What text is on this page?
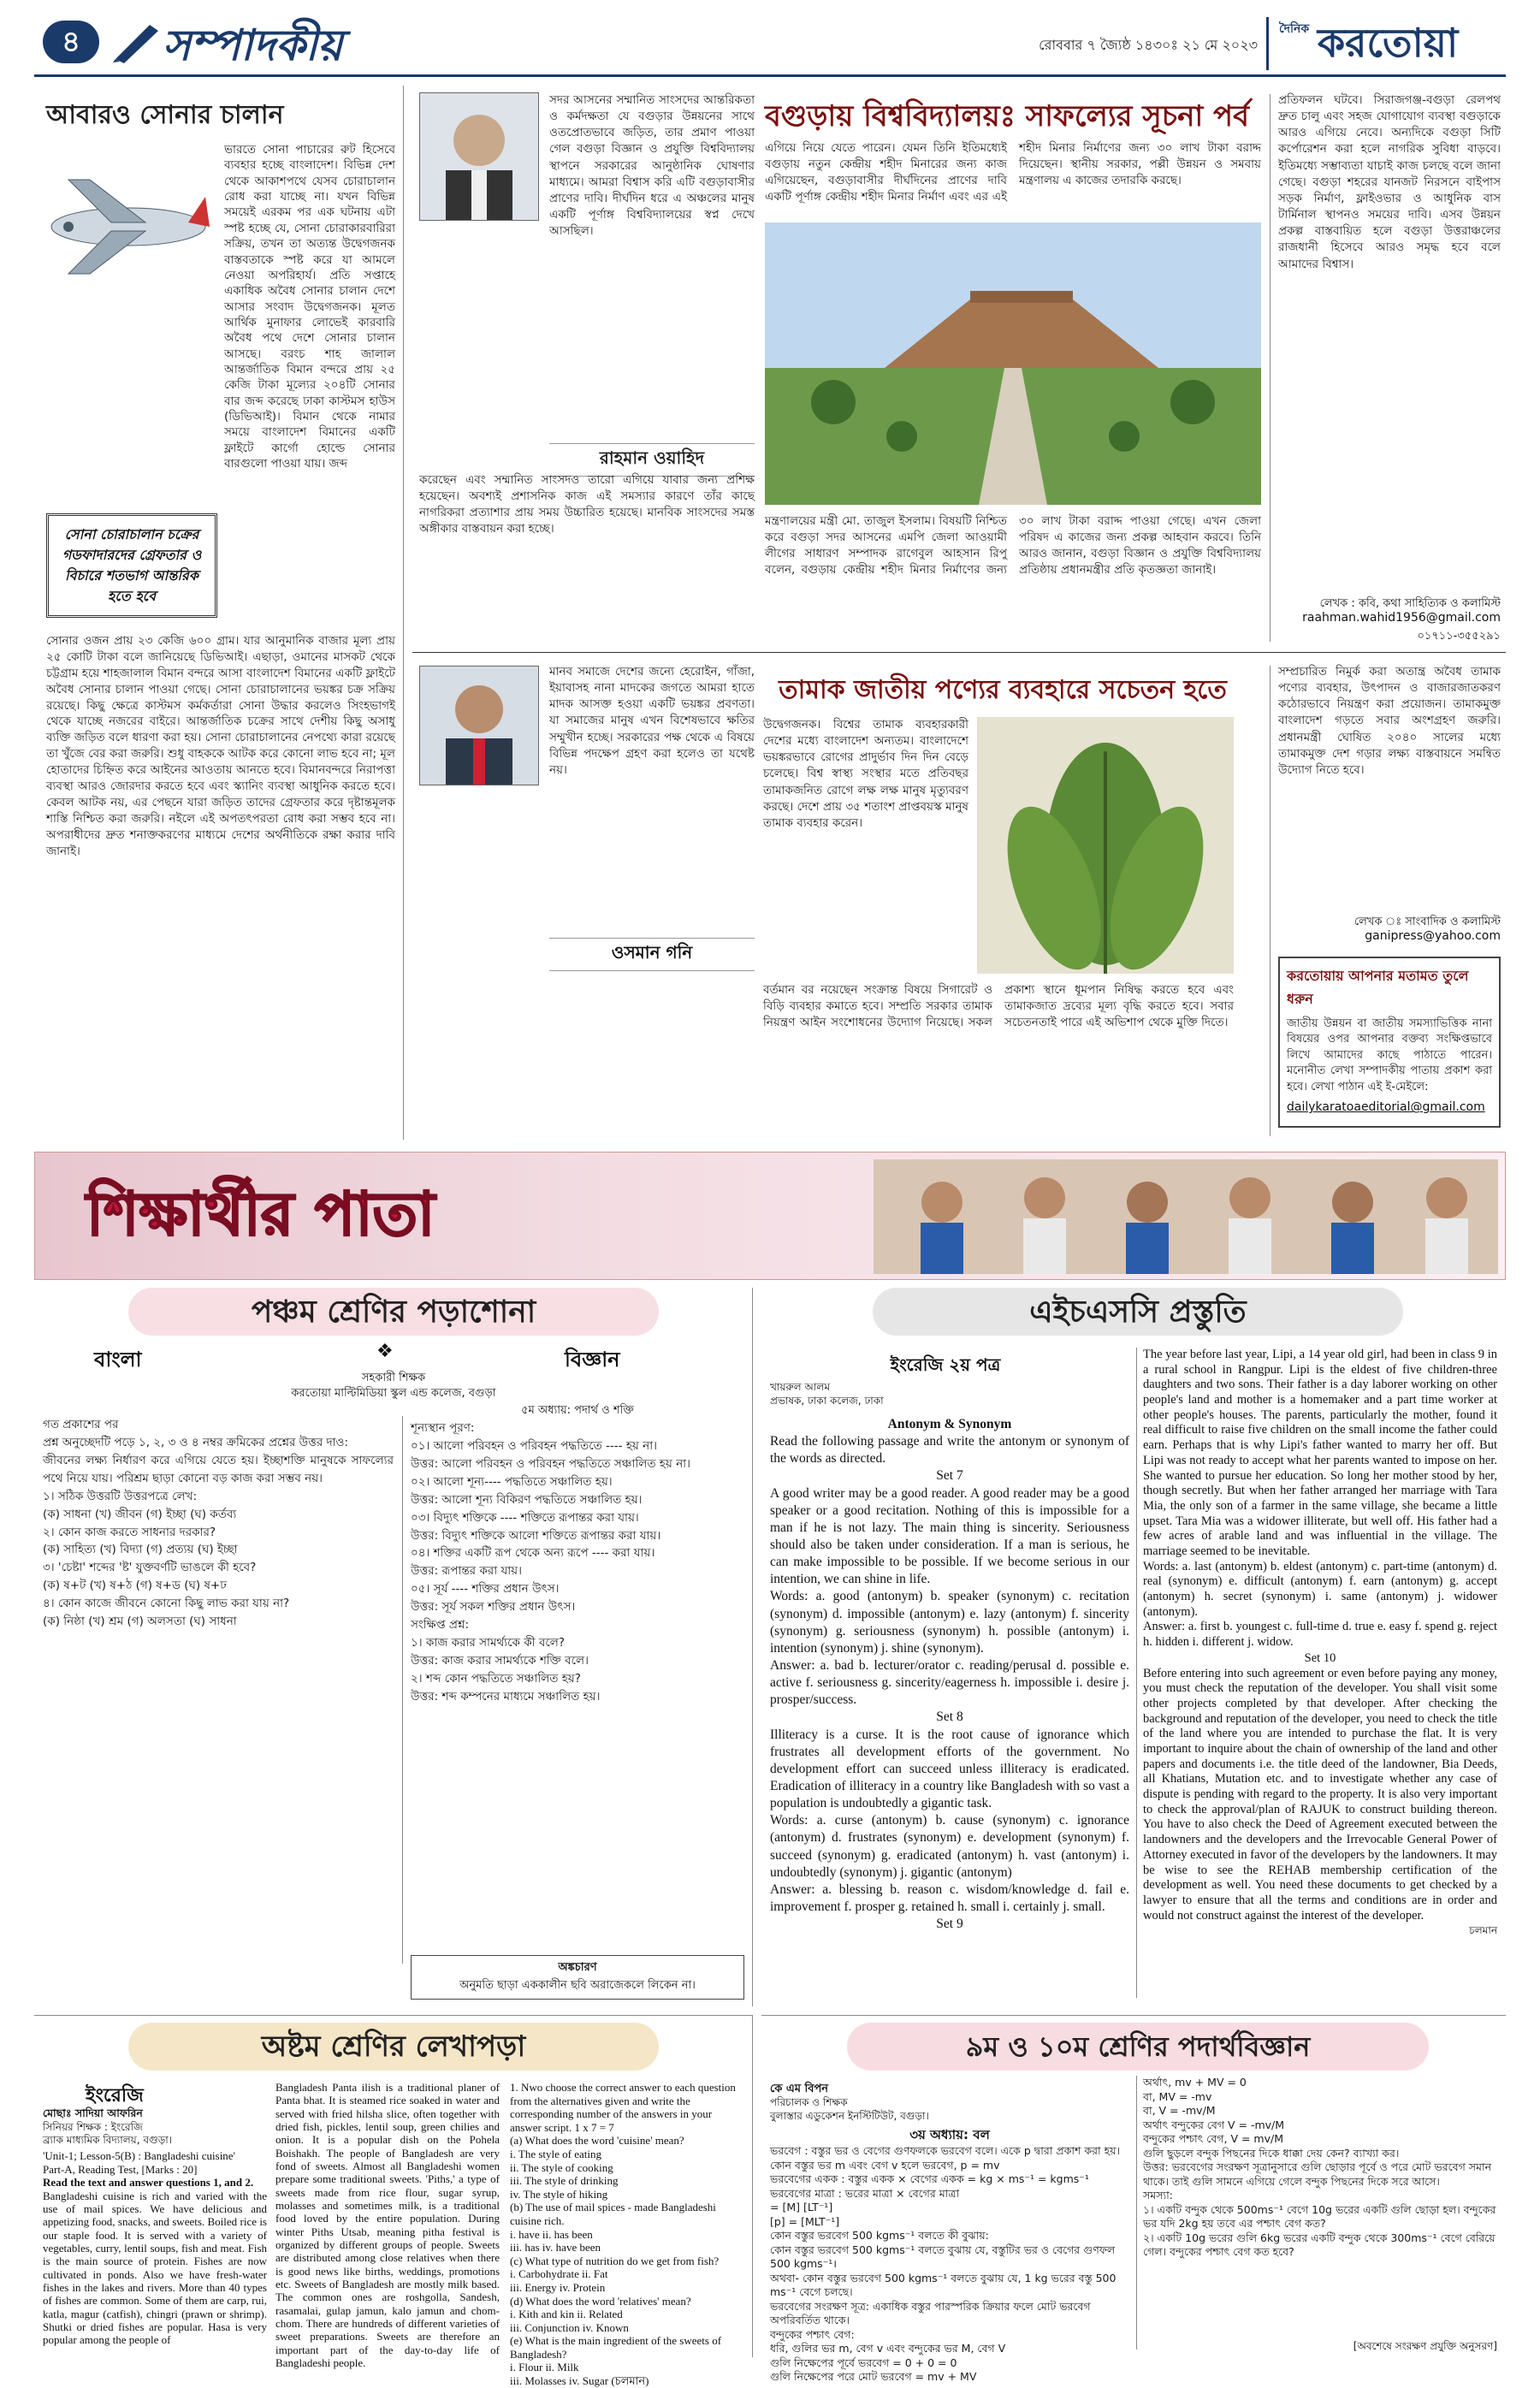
৪	সম্পাদকীয়	রোববার ৭ জ্যৈষ্ঠ ১৪৩০ঃ ২১ মে ২০২৩
দৈনিক করতোয়া
আবারও সোনার চালান
ভারতে সোনা পাচারের রুট হিসেবে ব্যবহার হচ্ছে বাংলাদেশ। বিভিন্ন দেশ থেকে আকাশপথে যেসব চোরাচালান রোধ করা যাচ্ছে না। যখন বিভিন্ন সময়েই এরকম পর এক ঘটনায় এটা স্পষ্ট হচ্ছে যে, সোনা চোরাকারবারিরা সক্রিয়, তখন তা অত্যন্ত উদ্বেগজনক বাস্তবতাকে স্পষ্ট করে যা আমলে নেওয়া অপরিহার্য। প্রতি সপ্তাহে একাধিক অবৈধ সোনার চালান দেশে আসার সংবাদ উদ্বেগজনক। মূলত আর্থিক মুনাফার লোভেই কারবারি অবৈধ পথে দেশে সোনার চালান আসছে। বরংচ শাহ জালাল আন্তর্জাতিক বিমান বন্দরে প্রায় ২৫ কেজি টাকা মূল্যের ২০৪টি সোনার বার জব্দ করেছে ঢাকা কাস্টমস হাউস (ডিভিআই)। বিমান থেকে নামার সময়ে বাংলাদেশ বিমানের একটি ফ্লাইটে কার্গো হোল্ডে সোনার বারগুলো পাওয়া যায়। জব্দ
সোনা চোরাচালান চক্রের গডফাদারদের গ্রেফতার ও বিচারে শতভাগ আন্তরিক হতে হবে
সোনার ওজন প্রায় ২৩ কেজি ৬০০ গ্রাম। যার আনুমানিক বাজার মূল্য প্রায় ২৫ কোটি টাকা বলে জানিয়েছে ডিভিআই। এছাড়া, ওমানের মাসকট থেকে চট্টগ্রাম হয়ে শাহজালাল বিমান বন্দরে আসা বাংলাদেশ বিমানের একটি ফ্লাইটে অবৈধ সোনার চালান পাওয়া গেছে। সোনা চোরাচালানের ভয়ঙ্কর চক্র সক্রিয় রয়েছে। কিছু ক্ষেত্রে কাস্টমস কর্মকর্তারা সোনা উদ্ধার করলেও সিংহভাগই থেকে যাচ্ছে নজরের বাইরে। আন্তর্জাতিক চক্রের সাথে দেশীয় কিছু অসাধু ব্যক্তি জড়িত বলে ধারণা করা হয়। সোনা চোরাচালানের নেপথ্যে কারা রয়েছে তা খুঁজে বের করা জরুরি। শুধু বাহককে আটক করে কোনো লাভ হবে না; মূল হোতাদের চিহ্নিত করে আইনের আওতায় আনতে হবে। বিমানবন্দরে নিরাপত্তা ব্যবস্থা আরও জোরদার করতে হবে এবং স্ক্যানিং ব্যবস্থা আধুনিক করতে হবে। কেবল আটক নয়, এর পেছনে যারা জড়িত তাদের গ্রেফতার করে দৃষ্টান্তমূলক শাস্তি নিশ্চিত করা জরুরি। নইলে এই অপতৎপরতা রোধ করা সম্ভব হবে না। অপরাধীদের দ্রুত শনাক্তকরণের মাধ্যমে দেশের অর্থনীতিকে রক্ষা করার দাবি জানাই।
সদর আসনের সম্মানিত সাংসদের আন্তরিকতা ও কর্মদক্ষতা যে বগুড়ার উন্নয়নের সাথে ওতপ্রোতভাবে জড়িত, তার প্রমাণ পাওয়া গেল বগুড়া বিজ্ঞান ও প্রযুক্তি বিশ্ববিদ্যালয় স্থাপনে সরকারের আনুষ্ঠানিক ঘোষণার মাধ্যমে। আমরা বিশ্বাস করি এটি বগুড়াবাসীর প্রাণের দাবি। দীর্ঘদিন ধরে এ অঞ্চলের মানুষ একটি পূর্ণাঙ্গ বিশ্ববিদ্যালয়ের স্বপ্ন দেখে আসছিল।
রাহমান ওয়াহিদ
করেছেন এবং সম্মানিত সাংসদও তারো এগিয়ে যাবার জন্য প্রশিক্ষ হয়েছেন। অবশ্যই প্রশাসনিক কাজ এই সমস্যার কারণে তাঁর কাছে নাগরিকরা প্রত্যাশার প্রায় সময় উচ্চারিত হয়েছে। মানবিক সাংসদের সমস্ত অঙ্গীকার বাস্তবায়ন করা হচ্ছে।
বগুড়ায় বিশ্ববিদ্যালয়ঃ সাফল্যের সূচনা পর্ব
এগিয়ে নিয়ে যেতে পারেন। যেমন তিনি ইতিমধ্যেই বগুড়ায় নতুন কেন্দ্রীয় শহীদ মিনারের জন্য কাজ এগিয়েছেন, বগুড়াবাসীর দীর্ঘদিনের প্রাণের দাবি একটি পূর্ণাঙ্গ কেন্দ্রীয় শহীদ মিনার নির্মাণ এবং এর এই শহীদ মিনার নির্মাণের জন্য ৩০ লাখ টাকা বরাদ্দ দিয়েছেন। স্থানীয় সরকার, পল্লী উন্নয়ন ও সমবায় মন্ত্রণালয় এ কাজের তদারকি করছে।
মন্ত্রণালয়ের মন্ত্রী মো. তাজুল ইসলাম। বিষয়টি নিশ্চিত করে বগুড়া সদর আসনের এমপি জেলা আওয়ামী লীগের সাধারণ সম্পাদক রাগেবুল আহসান রিপু বলেন, বগুড়ায় কেন্দ্রীয় শহীদ মিনার নির্মাণের জন্য ৩০ লাখ টাকা বরাদ্দ পাওয়া গেছে। এখন জেলা পরিষদ এ কাজের জন্য প্রকল্প আহবান করবে। তিনি আরও জানান, বগুড়া বিজ্ঞান ও প্রযুক্তি বিশ্ববিদ্যালয় প্রতিষ্ঠায় প্রধানমন্ত্রীর প্রতি কৃতজ্ঞতা জানাই।
প্রতিফলন ঘটবে। সিরাজগঞ্জ-বগুড়া রেলপথ দ্রুত চালু এবং সহজ যোগাযোগ ব্যবস্থা বগুড়াকে আরও এগিয়ে নেবে। অন্যদিকে বগুড়া সিটি কর্পোরেশন করা হলে নাগরিক সুবিধা বাড়বে। ইতিমধ্যে সম্ভাব্যতা যাচাই কাজ চলছে বলে জানা গেছে। বগুড়া শহরের যানজট নিরসনে বাইপাস সড়ক নির্মাণ, ফ্লাইওভার ও আধুনিক বাস টার্মিনাল স্থাপনও সময়ের দাবি। এসব উন্নয়ন প্রকল্প বাস্তবায়িত হলে বগুড়া উত্তরাঞ্চলের রাজধানী হিসেবে আরও সমৃদ্ধ হবে বলে আমাদের বিশ্বাস।
লেখক : কবি, কথা সাহিত্যিক ও কলামিস্ট
raahman.wahid1956@gmail.com
০১৭১১-৩৫৫২৯১
মানব সমাজে দেশের জন্যে হেরোইন, গাঁজা, ইয়াবাসহ নানা মাদকের জগতে আমরা হাতে মাদক আসক্ত হওয়া একটি ভয়ঙ্কর প্রবণতা। যা সমাজের মানুষ এখন বিশেষভাবে ক্ষতির সম্মুখীন হচ্ছে। সরকারের পক্ষ থেকে এ বিষয়ে বিভিন্ন পদক্ষেপ গ্রহণ করা হলেও তা যথেষ্ট নয়।
ওসমান গনি
তামাক জাতীয় পণ্যের ব্যবহারে সচেতন হতে
উদ্বেগজনক। বিশ্বের তামাক ব্যবহারকারী দেশের মধ্যে বাংলাদেশ অন্যতম। বাংলাদেশে ভয়ঙ্করভাবে রোগের প্রাদুর্ভাব দিন দিন বেড়ে চলেছে। বিশ্ব স্বাস্থ্য সংস্থার মতে প্রতিবছর তামাকজনিত রোগে লক্ষ লক্ষ মানুষ মৃত্যুবরণ করছে। দেশে প্রায় ৩৫ শতাংশ প্রাপ্তবয়স্ক মানুষ তামাক ব্যবহার করেন।
বর্তমান বর নয়েছেন সংক্রান্ত বিষয়ে সিগারেট ও বিড়ি ব্যবহার কমাতে হবে। সম্প্রতি সরকার তামাক নিয়ন্ত্রণ আইন সংশোধনের উদ্যোগ নিয়েছে। সকল প্রকাশ্য স্থানে ধূমপান নিষিদ্ধ করতে হবে এবং তামাকজাত দ্রব্যের মূল্য বৃদ্ধি করতে হবে। সবার সচেতনতাই পারে এই অভিশাপ থেকে মুক্তি দিতে।
সম্প্রচারিত নিমুর্ক করা অতান্ত্র অবৈধ তামাক পণ্যের ব্যবহার, উৎপাদন ও বাজারজাতকরণ কঠোরভাবে নিয়ন্ত্রণ করা প্রয়োজন। তামাকমুক্ত বাংলাদেশ গড়তে সবার অংশগ্রহণ জরুরি। প্রধানমন্ত্রী ঘোষিত ২০৪০ সালের মধ্যে তামাকমুক্ত দেশ গড়ার লক্ষ্য বাস্তবায়নে সমন্বিত উদ্যোগ নিতে হবে।
লেখক ঃ সাংবাদিক ও কলামিস্ট
ganipress@yahoo.com
করতোয়ায় আপনার মতামত তুলে ধরুন
জাতীয় উন্নয়ন বা জাতীয় সমস্যাভিত্তিক নানা বিষয়ের ওপর আপনার বক্তব্য সংক্ষিপ্তভাবে লিখে আমাদের কাছে পাঠাতে পারেন। মনোনীত লেখা সম্পাদকীয় পাতায় প্রকাশ করা হবে। লেখা পাঠান এই ই-মেইলে:
dailykaratoaeditorial@gmail.com
শিক্ষার্থীর পাতা
পঞ্চম শ্রেণির পড়াশোনা
বাংলা	❖	বিজ্ঞান
সহকারী শিক্ষক
করতোয়া মাল্টিমিডিয়া স্কুল এন্ড কলেজ, বগুড়া
৫ম অধ্যায়: পদার্থ ও শক্তি
গত প্রকাশের পর
প্রশ্ন অনুচ্ছেদটি পড়ে ১, ২, ৩ ও ৪ নম্বর ক্রমিকের প্রশ্নের উত্তর দাও:
জীবনের লক্ষ্য নির্ধারণ করে এগিয়ে যেতে হয়। ইচ্ছাশক্তি মানুষকে সাফল্যের পথে নিয়ে যায়। পরিশ্রম ছাড়া কোনো বড় কাজ করা সম্ভব নয়।
১। সঠিক উত্তরটি উত্তরপত্রে লেখ:
(ক) সাধনা (খ) জীবন (গ) ইচ্ছা (ঘ) কর্তব্য
২। কোন কাজ করতে সাধনার দরকার?
(ক) সাহিত্য (খ) বিদ্যা (গ) প্রত্যয় (ঘ) ইচ্ছা
৩। 'চেষ্টা' শব্দের 'ষ্ট' যুক্তবর্ণটি ভাঙলে কী হবে?
(ক) ষ+ট (খ) ষ+ঠ (গ) ষ+ড (ঘ) ষ+ঢ
৪। কোন কাজে জীবনে কোনো কিছু লাভ করা যায় না?
(ক) নিষ্ঠা (খ) শ্রম (গ) অলসতা (ঘ) সাধনা
শূন্যস্থান পূরণ:
০১। আলো পরিবহন ও পরিবহন পদ্ধতিতে ---- হয় না।
উত্তর: আলো পরিবহন ও পরিবহন পদ্ধতিতে সঞ্চালিত হয় না।
০২। আলো শূন্য---- পদ্ধতিতে সঞ্চালিত হয়।
উত্তর: আলো শূন্য বিকিরণ পদ্ধতিতে সঞ্চালিত হয়।
০৩। বিদ্যুৎ শক্তিকে ---- শক্তিতে রূপান্তর করা যায়।
উত্তর: বিদ্যুৎ শক্তিকে আলো শক্তিতে রূপান্তর করা যায়।
০৪। শক্তির একটি রূপ থেকে অন্য রূপে ---- করা যায়।
উত্তর: রূপান্তর করা যায়।
০৫। সূর্য ---- শক্তির প্রধান উৎস।
উত্তর: সূর্য সকল শক্তির প্রধান উৎস।
সংক্ষিপ্ত প্রশ্ন:
১। কাজ করার সামর্থ্যকে কী বলে?
উত্তর: কাজ করার সামর্থ্যকে শক্তি বলে।
২। শব্দ কোন পদ্ধতিতে সঞ্চালিত হয়?
উত্তর: শব্দ কম্পনের মাধ্যমে সঞ্চালিত হয়।
অঙ্কচারণ
অনুমতি ছাড়া এককালীন ছবি অরাজেকলে লিকেন না।
এইচএসসি প্রস্তুতি
ইংরেজি ২য় পত্র
খায়রুল আলম
প্রভাষক, ঢাকা কলেজ, ঢাকা
Antonym & Synonym
Read the following passage and write the antonym or synonym of the words as directed.
Set 7
A good writer may be a good reader. A good reader may be a good speaker or a good recitation. Nothing of this is impossible for a man if he is not lazy. The main thing is sincerity. Seriousness should also be taken under consideration. If a man is serious, he can make impossible to be possible. If we become serious in our intention, we can shine in life.
Words: a. good (antonym) b. speaker (synonym) c. recitation (synonym) d. impossible (antonym) e. lazy (antonym) f. sincerity (synonym) g. seriousness (synonym) h. possible (antonym) i. intention (synonym) j. shine (synonym).
Answer: a. bad b. lecturer/orator c. reading/perusal d. possible e. active f. seriousness g. sincerity/eagerness h. impossible i. desire j. prosper/success.
Set 8
Illiteracy is a curse. It is the root cause of ignorance which frustrates all development efforts of the government. No development effort can succeed unless illiteracy is eradicated. Eradication of illiteracy in a country like Bangladesh with so vast a population is undoubtedly a gigantic task.
Words: a. curse (antonym) b. cause (synonym) c. ignorance (antonym) d. frustrates (synonym) e. development (synonym) f. succeed (synonym) g. eradicated (antonym) h. vast (antonym) i. undoubtedly (synonym) j. gigantic (antonym)
Answer: a. blessing b. reason c. wisdom/knowledge d. fail e. improvement f. prosper g. retained h. small i. certainly j. small.
Set 9
The year before last year, Lipi, a 14 year old girl, had been in class 9 in a rural school in Rangpur. Lipi is the eldest of five children-three daughters and two sons. Their father is a day laborer working on other people's land and mother is a homemaker and a part time worker at other people's houses. The parents, particularly the mother, found it real difficult to raise five children on the small income the father could earn. Perhaps that is why Lipi's father wanted to marry her off. But Lipi was not ready to accept what her parents wanted to impose on her. She wanted to pursue her education. So long her mother stood by her, though secretly. But when her father arranged her marriage with Tara Mia, the only son of a farmer in the same village, she became a little upset. Tara Mia was a widower illiterate, but well off. His father had a few acres of arable land and was influential in the village. The marriage seemed to be inevitable.
Words: a. last (antonym) b. eldest (antonym) c. part-time (antonym) d. real (synonym) e. difficult (antonym) f. earn (antonym) g. accept (antonym) h. secret (synonym) i. same (antonym) j. widower (antonym).
Answer: a. first b. youngest c. full-time d. true e. easy f. spend g. reject h. hidden i. different j. widow.
Set 10
Before entering into such agreement or even before paying any money, you must check the reputation of the developer. You shall visit some other projects completed by that developer. After checking the background and reputation of the developer, you need to check the title of the land where you are intended to purchase the flat. It is very important to inquire about the chain of ownership of the land and other papers and documents i.e. the title deed of the landowner, Bia Deeds, all Khatians, Mutation etc. and to investigate whether any case of dispute is pending with regard to the property. It is also very important to check the approval/plan of RAJUK to construct building thereon. You have to also check the Deed of Agreement executed between the landowners and the developers and the Irrevocable General Power of Attorney executed in favor of the developers by the landowners. It may be wise to see the REHAB membership certification of the development as well. You need these documents to get checked by a lawyer to ensure that all the terms and conditions are in order and would not construct against the interest of the developer.
চলমান
অষ্টম শ্রেণির লেখাপড়া
ইংরেজি
মোছাঃ সাদিয়া আফরিন
সিনিয়র শিক্ষক : ইংরেজি
ব্র্যাক মাধ্যমিক বিদ্যালয়, বগুড়া।
'Unit-1; Lesson-5(B) : Bangladeshi cuisine'
Part-A, Reading Test, [Marks : 20]
Read the text and answer questions 1, and 2.
Bangladeshi cuisine is rich and varied with the use of mail spices. We have delicious and appetizing food, snacks, and sweets. Boiled rice is our staple food. It is served with a variety of vegetables, curry, lentil soups, fish and meat. Fish is the main source of protein. Fishes are now cultivated in ponds. Also we have fresh-water fishes in the lakes and rivers. More than 40 types of fishes are common. Some of them are carp, rui, katla, magur (catfish), chingri (prawn or shrimp). Shutki or dried fishes are popular. Hasa is very popular among the people of
Bangladesh Panta ilish is a traditional planer of Panta bhat. It is steamed rice soaked in water and served with fried hilsha slice, often together with dried fish, pickles, lentil soup, green chilies and onion. It is a popular dish on the Pohela Boishakh. The people of Bangladesh are very fond of sweets. Almost all Bangladeshi women prepare some traditional sweets. 'Piths,' a type of sweets made from rice flour, sugar syrup, molasses and sometimes milk, is a traditional food loved by the entire population. During winter Piths Utsab, meaning pitha festival is organized by different groups of people. Sweets are distributed among close relatives when there is good news like births, weddings, promotions etc. Sweets of Bangladesh are mostly milk based. The common ones are roshgolla, Sandesh, rasamalai, gulap jamun, kalo jamun and chom-chom. There are hundreds of different varieties of sweet preparations. Sweets are therefore an important part of the day-to-day life of Bangladeshi people.
1. Nwo choose the correct answer to each question from the alternatives given and write the corresponding number of the answers in your answer script. 1 x 7 = 7
(a) What does the word 'cuisine' mean?
i. The style of eating
ii. The style of cooking
iii. The style of drinking
iv. The style of hiking
(b) The use of mail spices - made Bangladeshi cuisine rich.
i. have ii. has been
iii. has iv. have been
(c) What type of nutrition do we get from fish?
i. Carbohydrate ii. Fat
iii. Energy iv. Protein
(d) What does the word 'relatives' mean?
i. Kith and kin ii. Related
iii. Conjunction iv. Known
(e) What is the main ingredient of the sweets of Bangladesh?
i. Flour ii. Milk
iii. Molasses iv. Sugar (চলমান)
৯ম ও ১০ম শ্রেণির পদার্থবিজ্ঞান
কে এম বিপন
পরিচালক ও শিক্ষক
বুলাস্তার এডুকেশন ইনস্টিটিউট, বগুড়া।
৩য় অধ্যায়: বল
ভরবেগ : বস্তুর ভর ও বেগের গুণফলকে ভরবেগ বলে। একে p দ্বারা প্রকাশ করা হয়।
কোন বস্তুর ভর m এবং বেগ v হলে ভরবেগ, p = mv
ভরবেগের একক : বস্তুর একক × বেগের একক = kg × ms⁻¹ = kgms⁻¹
ভরবেগের মাত্রা : ভরের মাত্রা × বেগের মাত্রা
= [M] [LT⁻¹]
[p] = [MLT⁻¹]
কোন বস্তুর ভরবেগ 500 kgms⁻¹ বলতে কী বুঝায়:
কোন বস্তুর ভরবেগ 500 kgms⁻¹ বলতে বুঝায় যে, বস্তুটির ভর ও বেগের গুণফল 500 kgms⁻¹।
অথবা- কোন বস্তুর ভরবেগ 500 kgms⁻¹ বলতে বুঝায় যে, 1 kg ভরের বস্তু 500 ms⁻¹ বেগে চলছে।
ভরবেগের সংরক্ষণ সূত্র: একাধিক বস্তুর পারস্পরিক ক্রিয়ার ফলে মোট ভরবেগ অপরিবর্তিত থাকে।
বন্দুকের পশ্চাৎ বেগ:
ধরি, গুলির ভর m, বেগ v এবং বন্দুকের ভর M, বেগ V
গুলি নিক্ষেপের পূর্বে ভরবেগ = 0 + 0 = 0
গুলি নিক্ষেপের পরে মোট ভরবেগ = mv + MV
অর্থাৎ, mv + MV = 0
বা, MV = -mv
বা, V = -mv/M
অর্থাৎ বন্দুকের বেগ V = -mv/M
বন্দুকের পশ্চাৎ বেগ, V = mv/M
গুলি ছুড়লে বন্দুক পিছনের দিকে ধাক্কা দেয় কেন? ব্যাখ্যা কর।
উত্তর: ভরবেগের সংরক্ষণ সূত্রানুসারে গুলি ছোড়ার পূর্বে ও পরে মোট ভরবেগ সমান থাকে। তাই গুলি সামনে এগিয়ে গেলে বন্দুক পিছনের দিকে সরে আসে।
সমস্যা:
১। একটি বন্দুক থেকে 500ms⁻¹ বেগে 10g ভরের একটি গুলি ছোড়া হল। বন্দুকের ভর যদি 2kg হয় তবে এর পশ্চাৎ বেগ কত?
২। একটি 10g ভরের গুলি 6kg ভরের একটি বন্দুক থেকে 300ms⁻¹ বেগে বেরিয়ে গেল। বন্দুকের পশ্চাৎ বেগ কত হবে?
[অবশেষে সংরক্ষণ প্রযুক্তি অনুসরণ]
